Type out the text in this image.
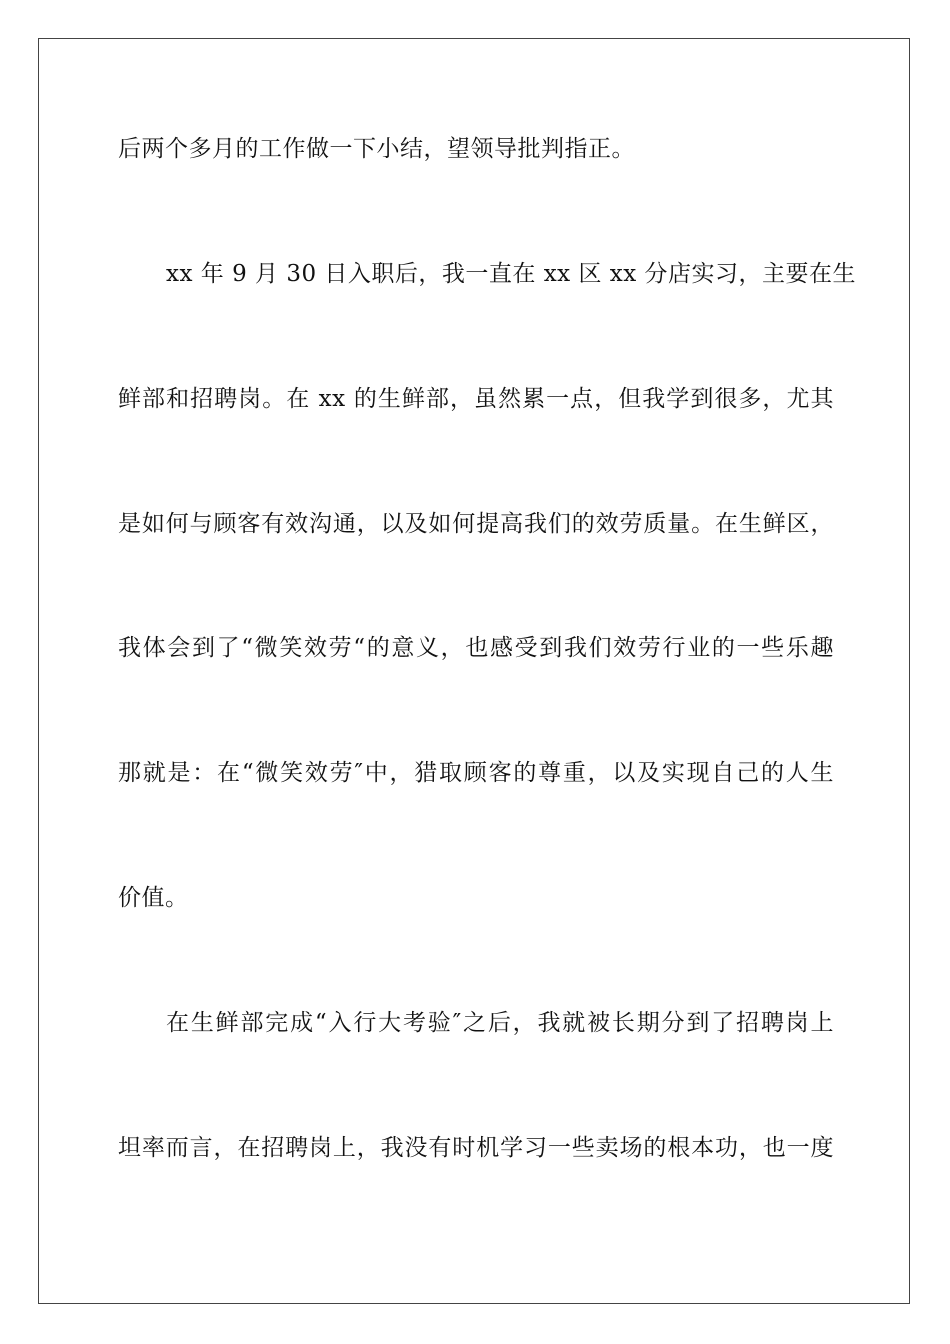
后两个多月的工作做一下小结，望领导批判指正。
xx 年 9 月 30 日入职后，我一直在 xx 区 xx 分店实习，主要在生
鲜部和招聘岗。在 xx 的生鲜部，虽然累一点，但我学到很多，尤其
是如何与顾客有效沟通，以及如何提高我们的效劳质量。在生鲜区，
我体会到了“微笑效劳“的意义，也感受到我们效劳行业的一些乐趣
那就是：在“微笑效劳″中，猎取顾客的尊重，以及实现自己的人生
价值。
在生鲜部完成“入行大考验″之后，我就被长期分到了招聘岗上
坦率而言，在招聘岗上，我没有时机学习一些卖场的根本功，也一度
